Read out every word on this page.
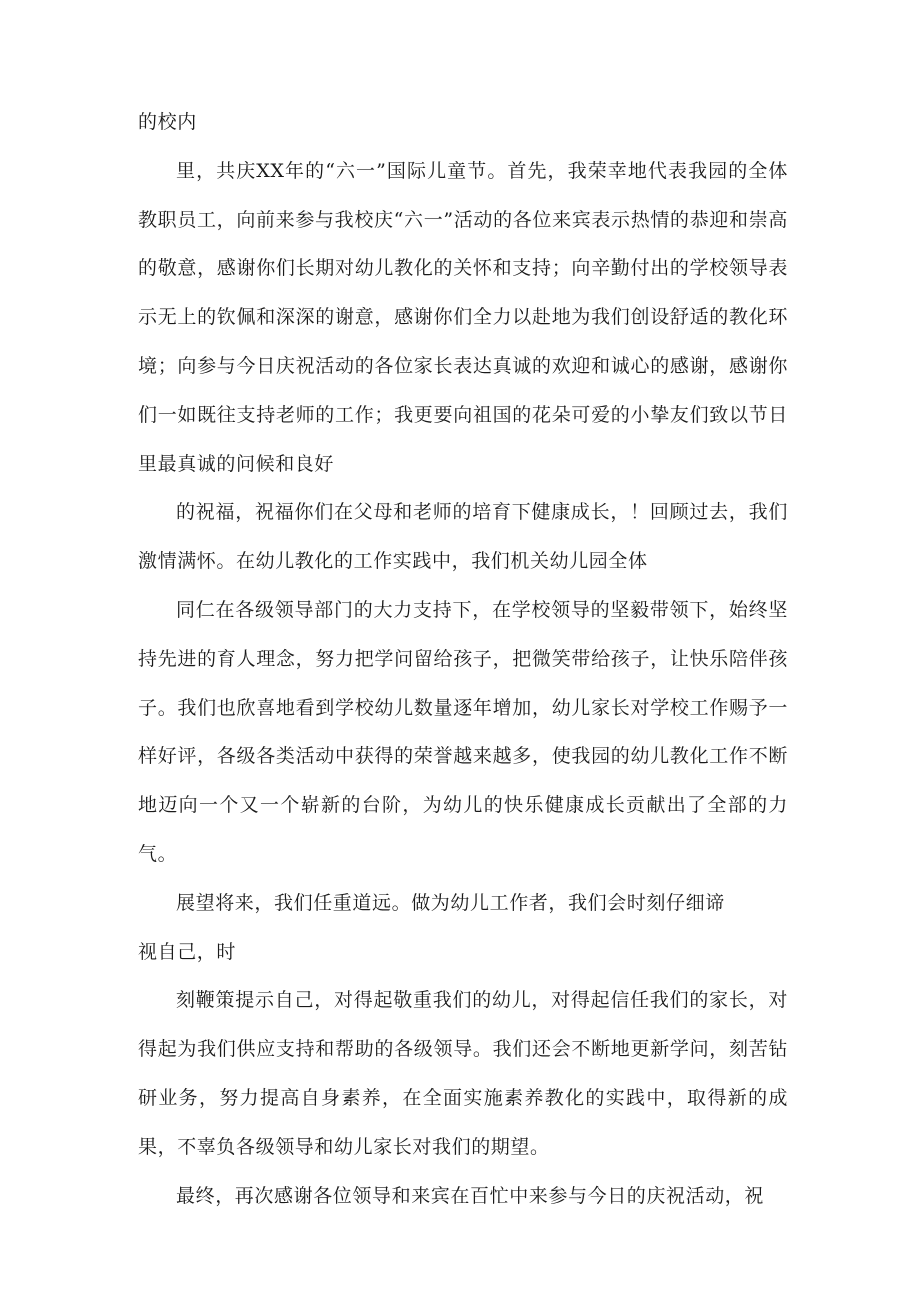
的校内

里，共庆XX年的“六一”国际儿童节。首先，我荣幸地代表我园的全体教职员工，向前来参与我校庆“六一”活动的各位来宾表示热情的恭迎和崇高的敬意，感谢你们长期对幼儿教化的关怀和支持；向辛勤付出的学校领导表示无上的钦佩和深深的谢意，感谢你们全力以赴地为我们创设舒适的教化环境；向参与今日庆祝活动的各位家长表达真诚的欢迎和诚心的感谢，感谢你们一如既往支持老师的工作；我更要向祖国的花朵可爱的小挚友们致以节日里最真诚的问候和良好

的祝福，祝福你们在父母和老师的培育下健康成长，！回顾过去，我们激情满怀。在幼儿教化的工作实践中，我们机关幼儿园全体

同仁在各级领导部门的大力支持下，在学校领导的坚毅带领下，始终坚持先进的育人理念，努力把学问留给孩子，把微笑带给孩子，让快乐陪伴孩子。我们也欣喜地看到学校幼儿数量逐年增加，幼儿家长对学校工作赐予一样好评，各级各类活动中获得的荣誉越来越多，使我园的幼儿教化工作不断地迈向一个又一个崭新的台阶，为幼儿的快乐健康成长贡献出了全部的力气。

展望将来，我们任重道远。做为幼儿工作者，我们会时刻仔细谛

视自己，时

刻鞭策提示自己，对得起敬重我们的幼儿，对得起信任我们的家长，对得起为我们供应支持和帮助的各级领导。我们还会不断地更新学问，刻苦钻研业务，努力提高自身素养，在全面实施素养教化的实践中，取得新的成果，不辜负各级领导和幼儿家长对我们的期望。

最终，再次感谢各位领导和来宾在百忙中来参与今日的庆祝活动，祝
